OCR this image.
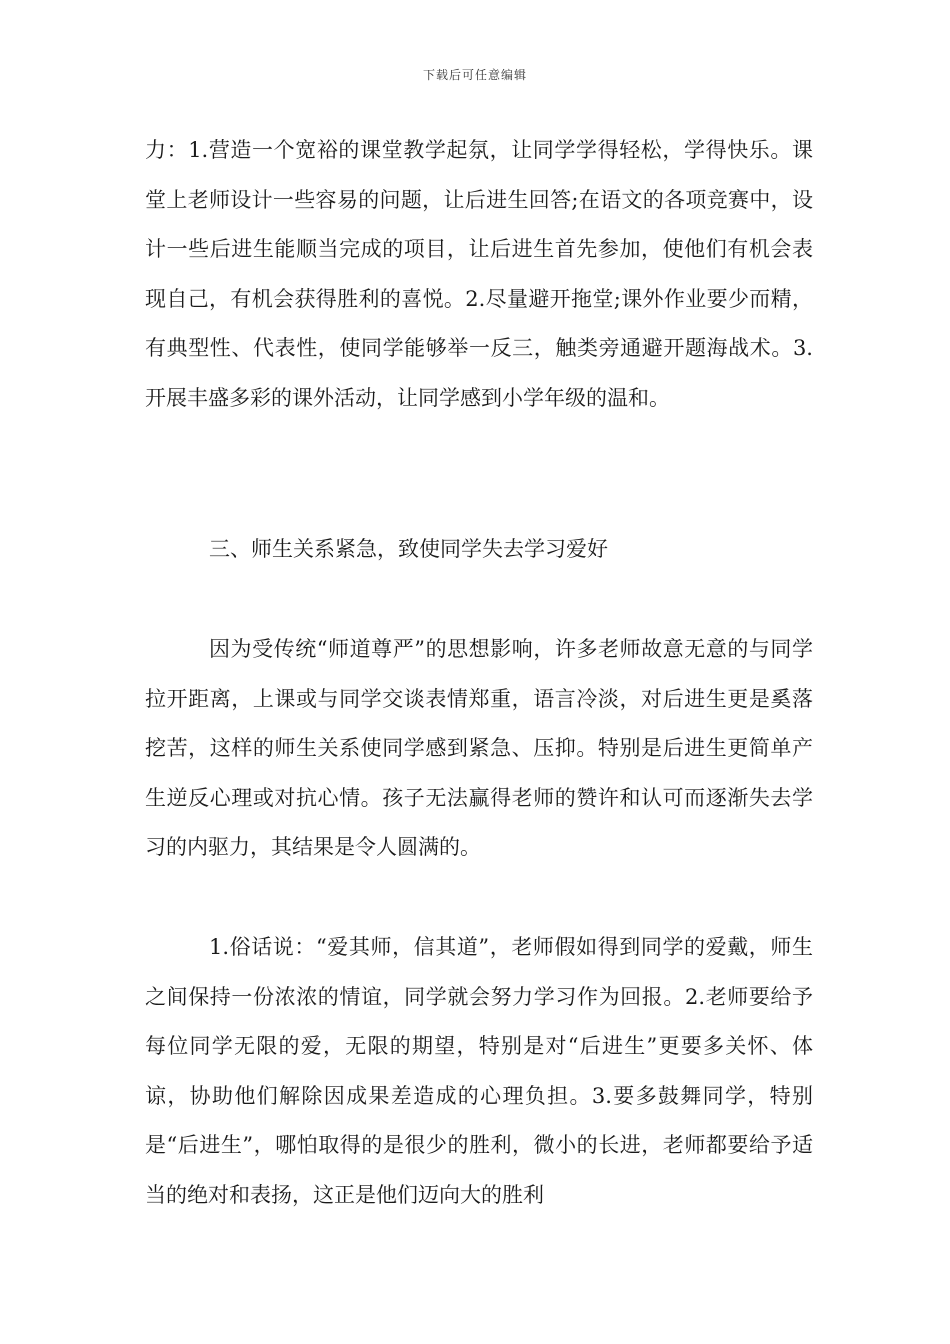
下载后可任意编辑

力：1.营造一个宽裕的课堂教学起氛，让同学学得轻松，学得快乐。课堂上老师设计一些容易的问题，让后进生回答;在语文的各项竞赛中，设计一些后进生能顺当完成的项目，让后进生首先参加，使他们有机会表现自己，有机会获得胜利的喜悦。2.尽量避开拖堂;课外作业要少而精，有典型性、代表性，使同学能够举一反三，触类旁通避开题海战术。3.开展丰盛多彩的课外活动，让同学感到小学年级的温和。

三、师生关系紧急，致使同学失去学习爱好

因为受传统“师道尊严”的思想影响，许多老师故意无意的与同学拉开距离，上课或与同学交谈表情郑重，语言冷淡，对后进生更是奚落挖苦，这样的师生关系使同学感到紧急、压抑。特别是后进生更简单产生逆反心理或对抗心情。孩子无法赢得老师的赞许和认可而逐渐失去学习的内驱力，其结果是令人圆满的。

1.俗话说：“爱其师，信其道”，老师假如得到同学的爱戴，师生之间保持一份浓浓的情谊，同学就会努力学习作为回报。2.老师要给予每位同学无限的爱，无限的期望，特别是对“后进生”更要多关怀、体谅，协助他们解除因成果差造成的心理负担。3.要多鼓舞同学，特别是“后进生”，哪怕取得的是很少的胜利，微小的长进，老师都要给予适当的绝对和表扬，这正是他们迈向大的胜利
